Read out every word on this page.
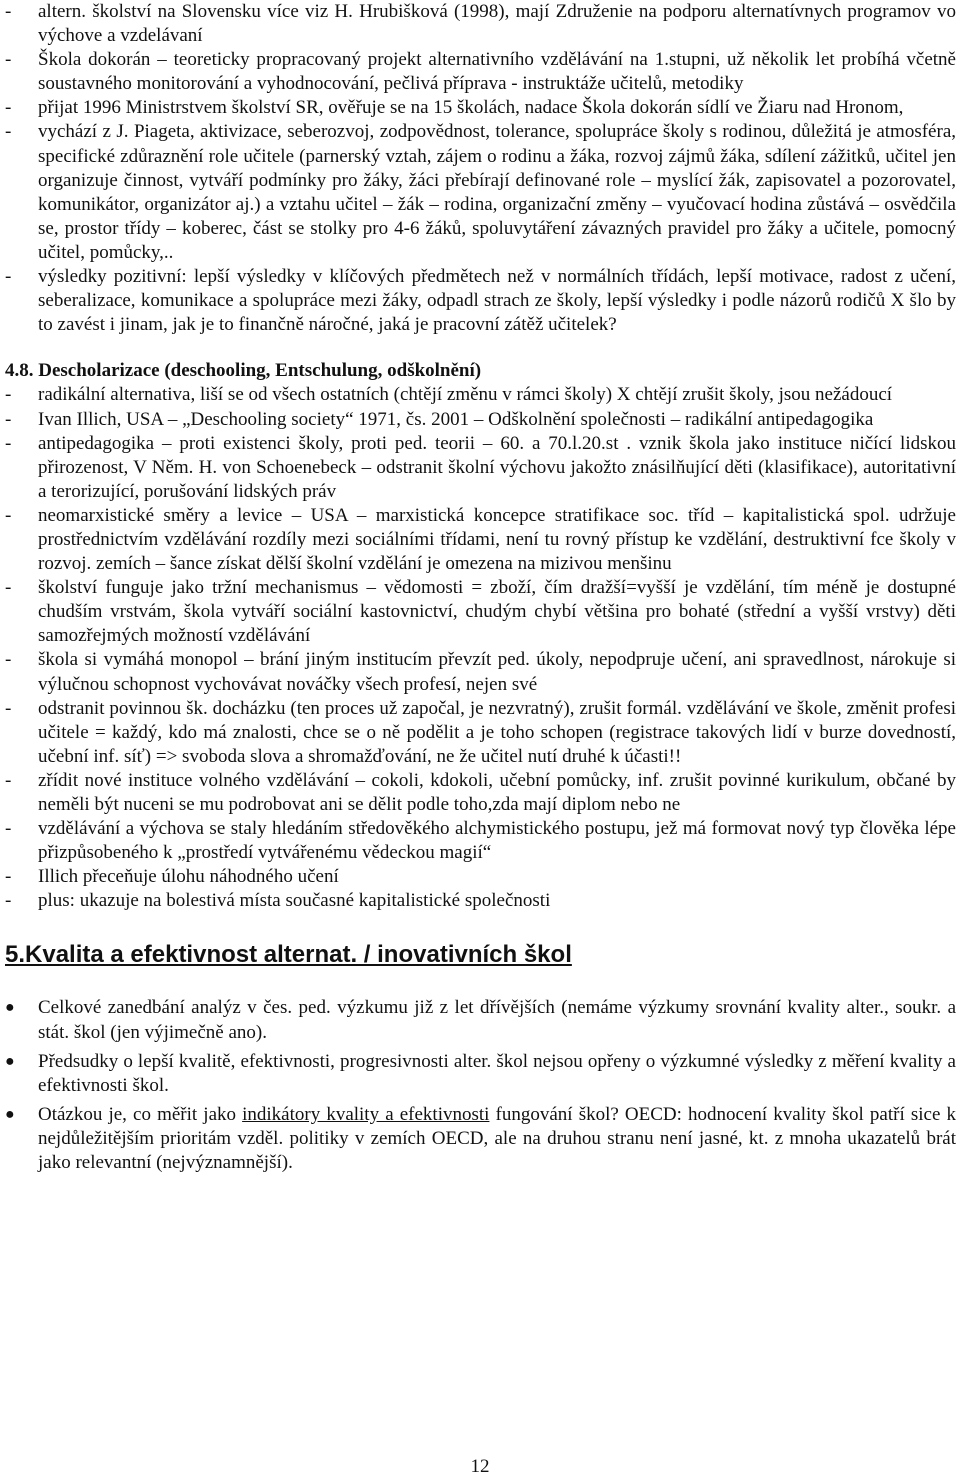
-	altern. školství na Slovensku více viz H. Hrubišková (1998), mají Združenie na podporu alternatívnych programov vo výchove a vzdelávaní
-	Škola dokorán – teoreticky propracovaný projekt alternativního vzdělávání na 1.stupni, už několik let probíhá včetně soustavného monitorování a vyhodnocování, pečlivá příprava - instruktáže učitelů, metodiky
-	přijat 1996 Ministrstvem školství SR, ověřuje se na 15 školách, nadace Škola dokorán sídlí ve Žiaru nad Hronom,
-	vychází z J. Piageta, aktivizace, seberozvoj, zodpovědnost, tolerance, spolupráce školy s rodinou, důležitá je atmosféra, specifické zdůraznění role učitele (parnerský vztah, zájem o rodinu a žáka, rozvoj zájmů žáka, sdílení zážitků, učitel jen organizuje činnost, vytváří podmínky pro žáky, žáci přebírají definované role – myslící žák, zapisovatel a pozorovatel, komunikátor, organizátor aj.) a vztahu učitel – žák – rodina, organizační změny – vyučovací hodina zůstává – osvědčila se, prostor třídy – koberec, část se stolky pro 4-6 žáků, spoluvytáření závazných pravidel pro žáky a učitele, pomocný učitel, pomůcky,..
-	výsledky pozitivní: lepší výsledky v klíčových předmětech než v normálních třídách, lepší motivace, radost z učení, seberalizace, komunikace a spolupráce mezi žáky, odpadl strach ze školy, lepší výsledky i podle názorů rodičů X šlo by to zavést i jinam, jak je to finančně náročné, jaká je pracovní zátěž učitelek?
4.8. Descholarizace (deschooling, Entschulung, odškolnění)
-	radikální alternativa, liší se od všech ostatních (chtějí změnu v rámci školy) X chtějí zrušit školy, jsou nežádoucí
-	Ivan Illich, USA – „Deschooling society“ 1971, čs. 2001 – Odškolnění společnosti – radikální antipedagogika
-	antipedagogika – proti existenci školy, proti ped. teorii – 60. a 70.l.20.st . vznik škola jako instituce ničící lidskou přirozenost, V Něm. H. von Schoenebeck – odstranit školní výchovu jakožto znásilňující děti (klasifikace), autoritativní a terorizující, porušování lidských práv
-	neomarxistické směry a levice – USA – marxistická koncepce stratifikace soc. tříd – kapitalistická spol. udržuje prostřednictvím vzdělávání rozdíly mezi sociálními třídami, není tu rovný přístup ke vzdělání, destruktivní fce školy v rozvoj. zemích – šance získat dělší školní vzdělání je omezena na mizivou menšinu
-	školství funguje jako tržní mechanismus – vědomosti = zboží, čím dražší=vyšší je vzdělání, tím méně je dostupné chudším vrstvám, škola vytváří sociální kastovnictví, chudým chybí většina pro bohaté (střední a vyšší vrstvy) děti samozřejmých možností vzdělávání
-	škola si vymáhá monopol – brání jiným institucím převzít ped. úkoly, nepodpruje učení, ani spravedlnost, nárokuje si výlučnou schopnost vychovávat nováčky všech profesí, nejen své
-	odstranit povinnou šk. docházku (ten proces už započal, je nezvratný), zrušit formál. vzdělávání ve škole, změnit profesi učitele = každý, kdo má znalosti, chce se o ně podělit a je toho schopen (registrace takových lidí v burze dovedností, učební inf. síť) => svoboda slova a shromažďování, ne že učitel nutí druhé k účasti!!
-	zřídit nové instituce volného vzdělávání – cokoli, kdokoli, učební pomůcky, inf. zrušit povinné kurikulum, občané by neměli být nuceni se mu podrobovat ani se dělit podle toho,zda mají diplom nebo ne
-	vzdělávání a výchova se staly hledáním středověkého alchymistického postupu, jež má formovat nový typ člověka lépe přizpůsobeného k „prostředí vytvářenému vědeckou magií“
-	Illich přeceňuje úlohu náhodného učení
-	plus: ukazuje na bolestivá místa současné kapitalistické společnosti
5.Kvalita a efektivnost alternat. / inovativních škol
●	Celkové zanedbání analýz v čes. ped. výzkumu již z let dřívějších (nemáme výzkumy srovnání kvality alter., soukr. a stát. škol (jen výjimečně ano).
●	Předsudky o lepší kvalitě, efektivnosti, progresivnosti alter. škol nejsou opřeny o výzkumné výsledky z měření kvality a efektivnosti škol.
●	Otázkou je, co měřit jako indikátory kvality a efektivnosti fungování škol? OECD: hodnocení kvality škol patří sice k nejdůležitějším prioritám vzděl. politiky v zemích OECD, ale na druhou stranu není jasné, kt. z mnoha ukazatelů brát jako relevantní (nejvýznamnější).
12
